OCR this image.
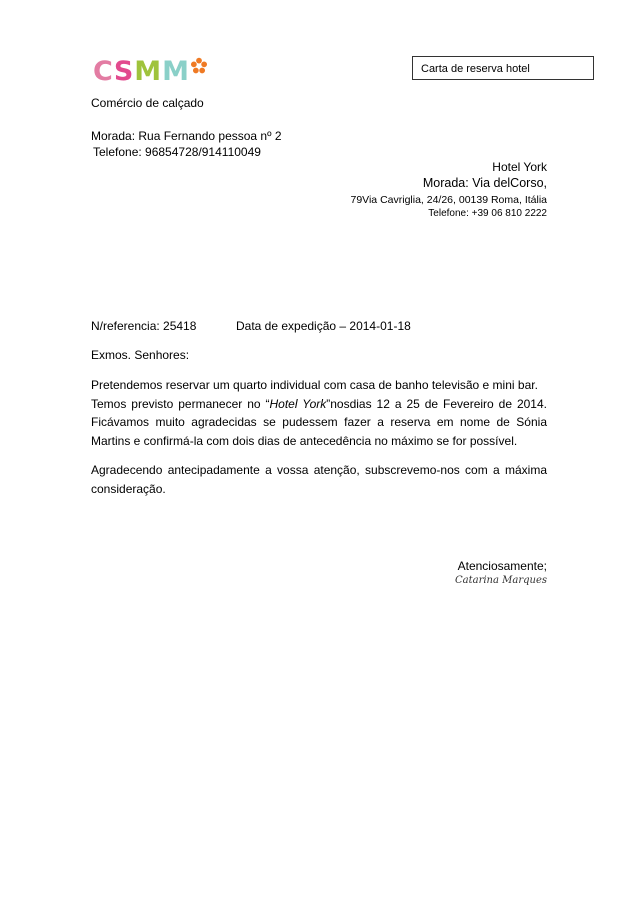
CSMM	Carta de reserva hotel
Comércio de calçado
Morada: Rua Fernando pessoa nº 2
Telefone: 96854728/914110049
Hotel York
Morada: Via delCorso,
79Via Cavriglia, 24/26, 00139 Roma, Itália
Telefone: +39 06 810 2222
N/referencia: 25418	Data de expedição – 2014-01-18
Exmos. Senhores:
Pretendemos reservar um quarto individual com casa de banho televisão e mini bar.
Temos previsto permanecer no “Hotel York”nosdias 12 a 25 de Fevereiro de 2014. Ficávamos muito agradecidas se pudessem fazer a reserva em nome de Sónia Martins e confirmá-la com dois dias de antecedência no máximo se for possível.
Agradecendo antecipadamente a vossa atenção, subscrevemo-nos com a máxima consideração.
Atenciosamente;
Catarina Marques
